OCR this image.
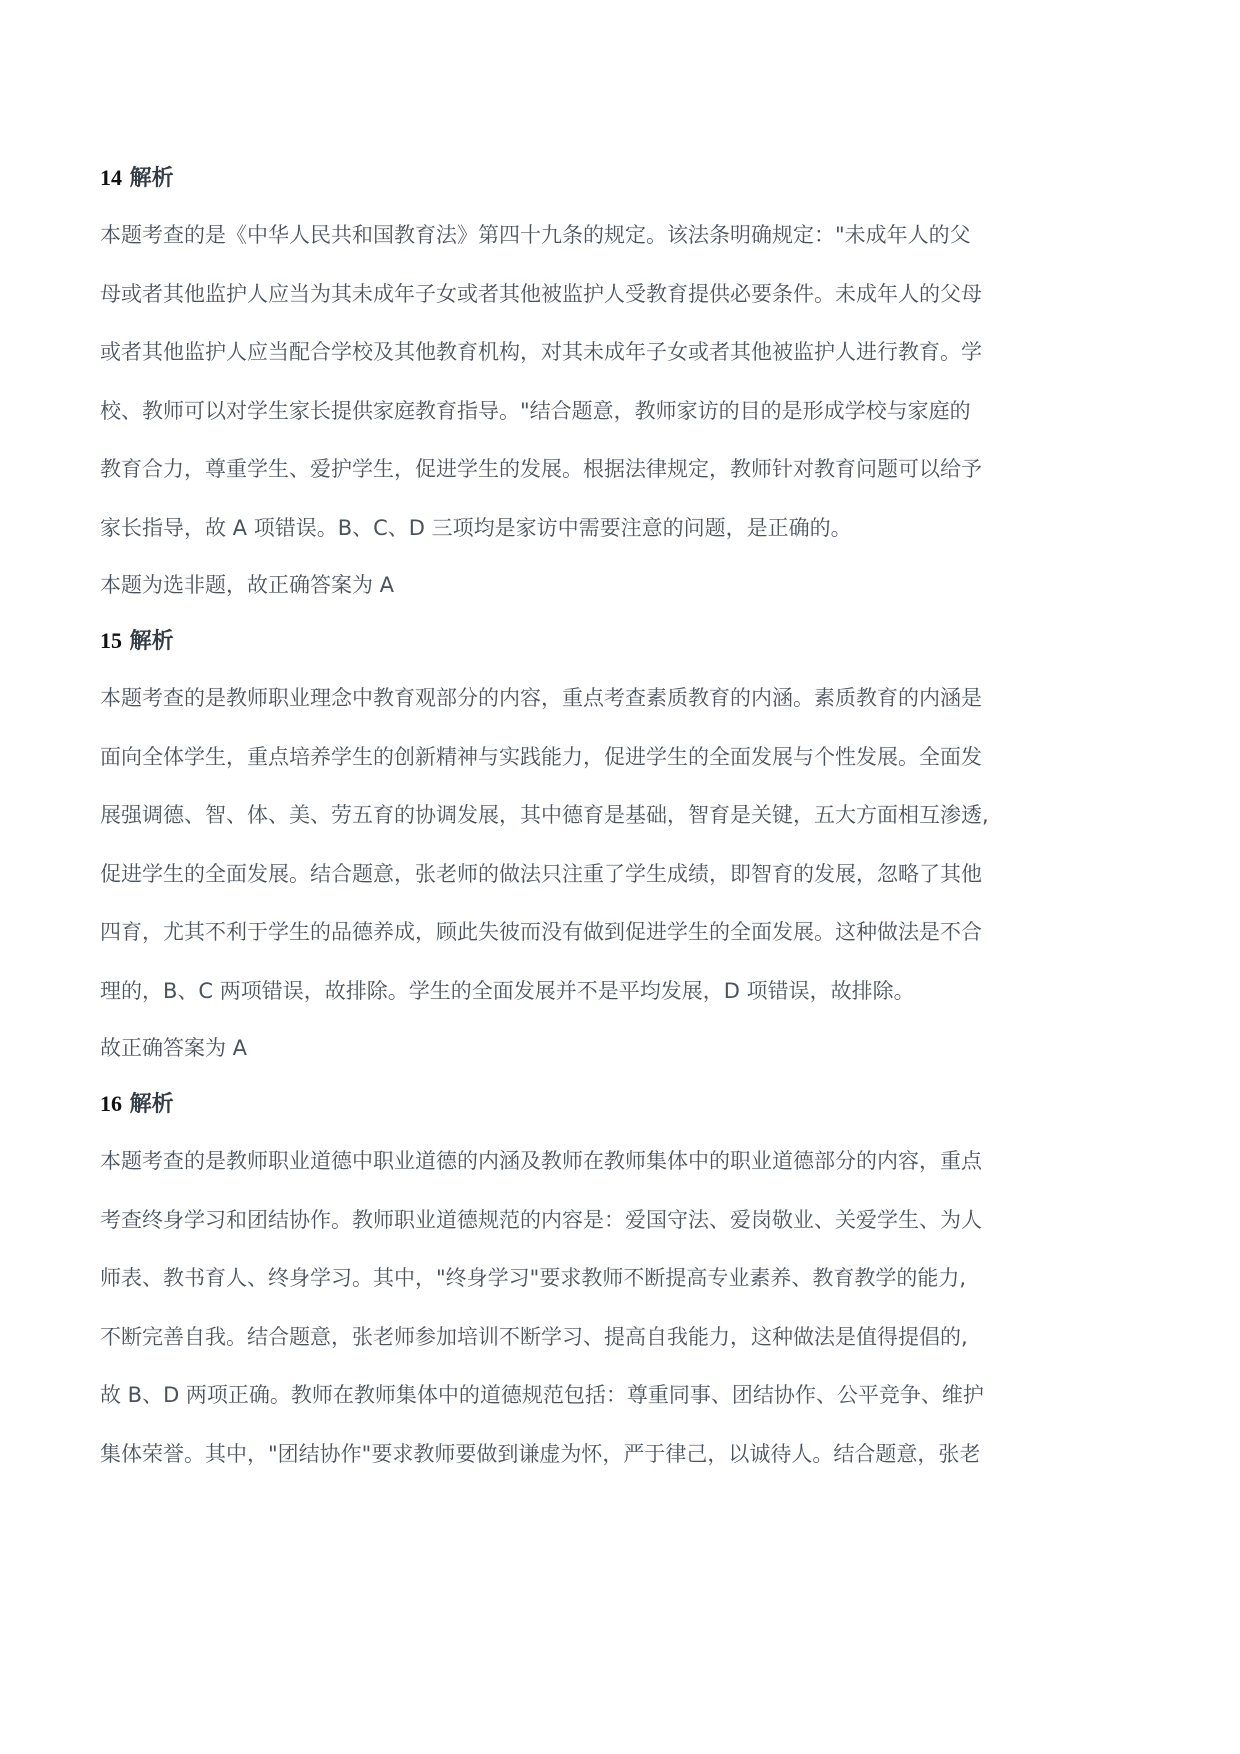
14 解析

本题考查的是《中华人民共和国教育法》第四十九条的规定。该法条明确规定："未成年人的父

母或者其他监护人应当为其未成年子女或者其他被监护人受教育提供必要条件。未成年人的父母

或者其他监护人应当配合学校及其他教育机构，对其未成年子女或者其他被监护人进行教育。学

校、教师可以对学生家长提供家庭教育指导。"结合题意，教师家访的目的是形成学校与家庭的

教育合力，尊重学生、爱护学生，促进学生的发展。根据法律规定，教师针对教育问题可以给予

家长指导，故 A 项错误。B、C、D 三项均是家访中需要注意的问题，是正确的。

本题为选非题，故正确答案为 A

15 解析

本题考查的是教师职业理念中教育观部分的内容，重点考查素质教育的内涵。素质教育的内涵是

面向全体学生，重点培养学生的创新精神与实践能力，促进学生的全面发展与个性发展。全面发

展强调德、智、体、美、劳五育的协调发展，其中德育是基础，智育是关键，五大方面相互渗透,

促进学生的全面发展。结合题意，张老师的做法只注重了学生成绩，即智育的发展，忽略了其他

四育，尤其不利于学生的品德养成，顾此失彼而没有做到促进学生的全面发展。这种做法是不合

理的，B、C 两项错误，故排除。学生的全面发展并不是平均发展，D 项错误，故排除。

故正确答案为 A

16 解析

本题考查的是教师职业道德中职业道德的内涵及教师在教师集体中的职业道德部分的内容，重点

考查终身学习和团结协作。教师职业道德规范的内容是：爱国守法、爱岗敬业、关爱学生、为人

师表、教书育人、终身学习。其中，"终身学习"要求教师不断提高专业素养、教育教学的能力,

不断完善自我。结合题意，张老师参加培训不断学习、提高自我能力，这种做法是值得提倡的,

故 B、D 两项正确。教师在教师集体中的道德规范包括：尊重同事、团结协作、公平竞争、维护

集体荣誉。其中，"团结协作"要求教师要做到谦虚为怀，严于律己，以诚待人。结合题意，张老
